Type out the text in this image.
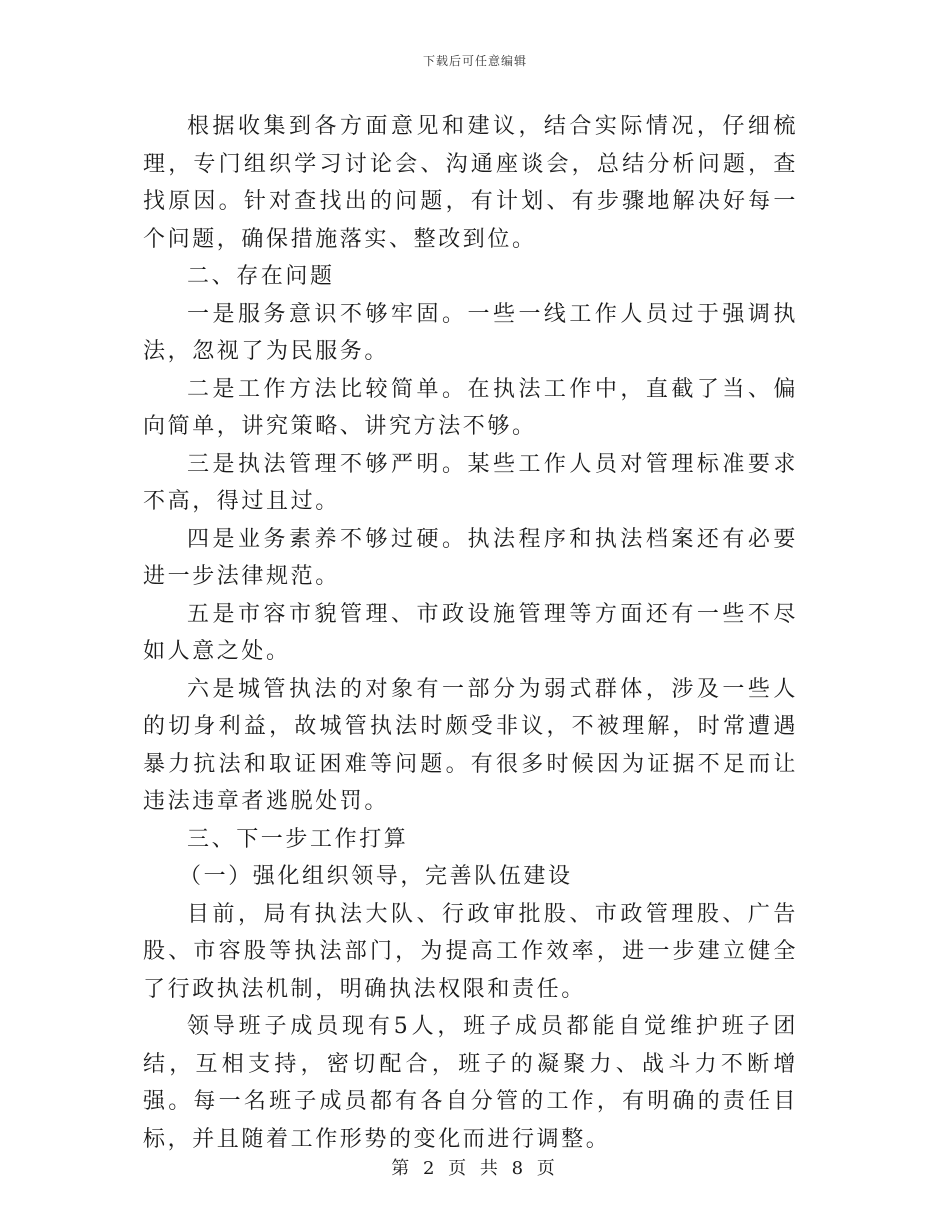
下载后可任意编辑

根据收集到各方面意见和建议，结合实际情况，仔细梳理，专门组织学习讨论会、沟通座谈会，总结分析问题，查找原因。针对查找出的问题，有计划、有步骤地解决好每一个问题，确保措施落实、整改到位。

二、存在问题

一是服务意识不够牢固。一些一线工作人员过于强调执法，忽视了为民服务。

二是工作方法比较简单。在执法工作中，直截了当、偏向简单，讲究策略、讲究方法不够。

三是执法管理不够严明。某些工作人员对管理标准要求不高，得过且过。

四是业务素养不够过硬。执法程序和执法档案还有必要进一步法律规范。

五是市容市貌管理、市政设施管理等方面还有一些不尽如人意之处。

六是城管执法的对象有一部分为弱式群体，涉及一些人的切身利益，故城管执法时颇受非议，不被理解，时常遭遇暴力抗法和取证困难等问题。有很多时候因为证据不足而让违法违章者逃脱处罚。

三、下一步工作打算

（一）强化组织领导，完善队伍建设

目前，局有执法大队、行政审批股、市政管理股、广告股、市容股等执法部门，为提高工作效率，进一步建立健全了行政执法机制，明确执法权限和责任。

领导班子成员现有5人，班子成员都能自觉维护班子团结，互相支持，密切配合，班子的凝聚力、战斗力不断增强。每一名班子成员都有各自分管的工作，有明确的责任目标，并且随着工作形势的变化而进行调整。

第 2 页 共 8 页
